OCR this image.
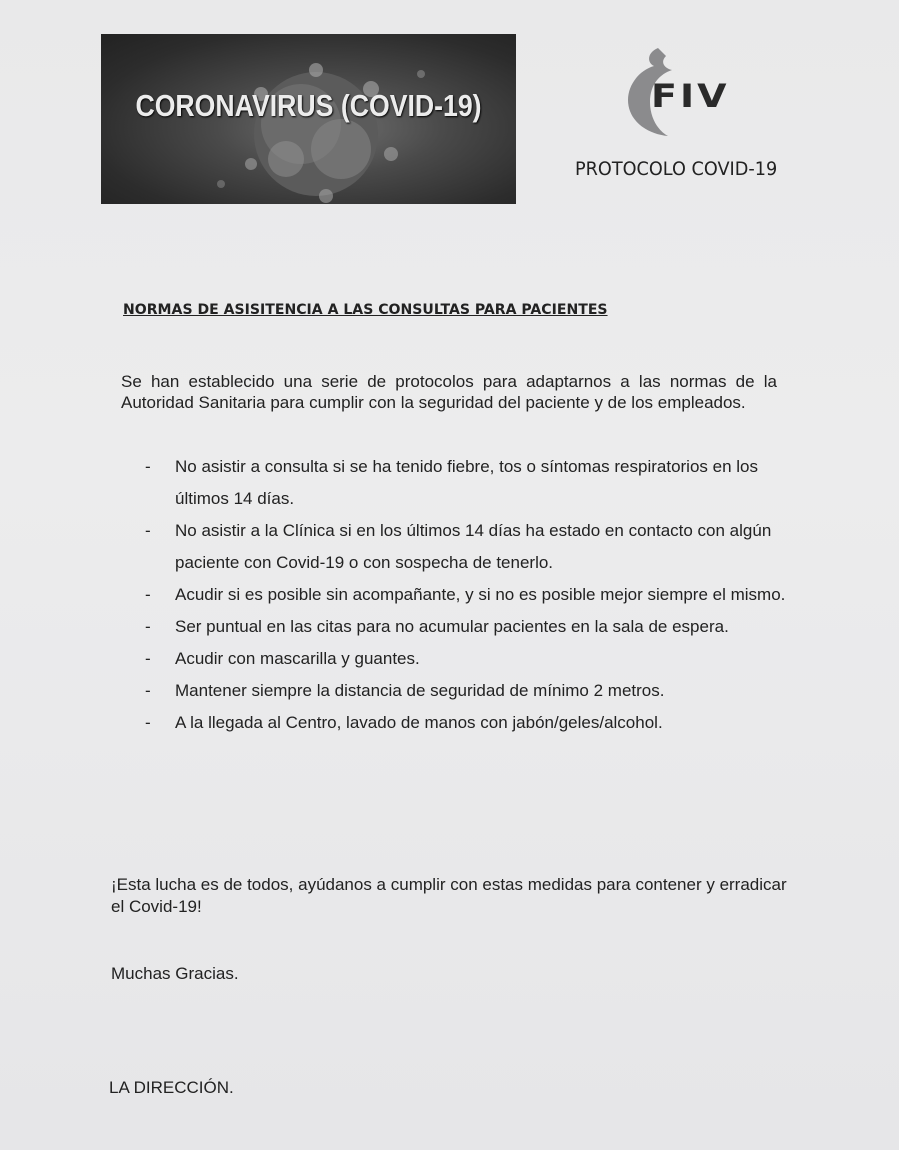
CORONAVIRUS (COVID-19)	FIV
PROTOCOLO COVID-19
NORMAS DE ASISITENCIA A LAS CONSULTAS PARA PACIENTES
Se han establecido una serie de protocolos para adaptarnos a las normas de la Autoridad Sanitaria para cumplir con la seguridad del paciente y de los empleados.
- No asistir a consulta si se ha tenido fiebre, tos o síntomas respiratorios en los últimos 14 días.
- No asistir a la Clínica si en los últimos 14 días ha estado en contacto con algún paciente con Covid-19 o con sospecha de tenerlo.
- Acudir si es posible sin acompañante, y si no es posible mejor siempre el mismo.
- Ser puntual en las citas para no acumular pacientes en la sala de espera.
- Acudir con mascarilla y guantes.
- Mantener siempre la distancia de seguridad de mínimo 2 metros.
- A la llegada al Centro, lavado de manos con jabón/geles/alcohol.
¡Esta lucha es de todos, ayúdanos a cumplir con estas medidas para contener y erradicar el Covid-19!
Muchas Gracias.
LA DIRECCIÓN.
